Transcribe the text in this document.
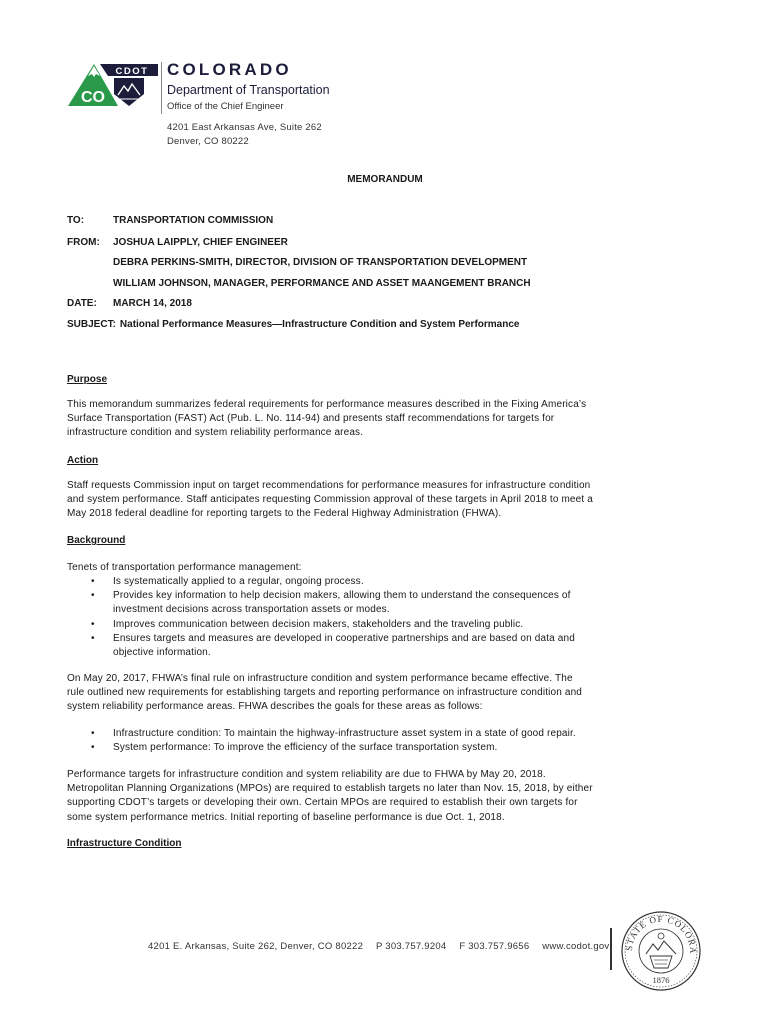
CO
CDOT COLORADO
Department of Transportation
Office of the Chief Engineer
4201 East Arkansas Ave, Suite 262
Denver, CO 80222
MEMORANDUM
TO:	TRANSPORTATION COMMISSION
FROM: JOSHUA LAIPPLY, CHIEF ENGINEER
DEBRA PERKINS-SMITH, DIRECTOR, DIVISION OF TRANSPORTATION DEVELOPMENT
WILLIAM JOHNSON, MANAGER, PERFORMANCE AND ASSET MAANGEMENT BRANCH
DATE: MARCH 14, 2018
SUBJECT: National Performance Measures—Infrastructure Condition and System Performance
Purpose

This memorandum summarizes federal requirements for performance measures described in the Fixing America’s

Surface Transportation (FAST) Act (Pub. L. No. 114-94) and presents staff recommendations for targets for

infrastructure condition and system reliability performance areas.

Action

Staff requests Commission input on target recommendations for performance measures for infrastructure condition

and system performance. Staff anticipates requesting Commission approval of these targets in April 2018 to meet a

May 2018 federal deadline for reporting targets to the Federal Highway Administration (FHWA).

Background
Tenets of transportation performance management:
• Is systematically applied to a regular, ongoing process.
• Provides key information to help decision makers, allowing them to understand the consequences of
investment decisions across transportation assets or modes.
• Improves communication between decision makers, stakeholders and the traveling public.
• Ensures targets and measures are developed in cooperative partnerships and are based on data and
objective information.

On May 20, 2017, FHWA’s final rule on infrastructure condition and system performance became effective. The

rule outlined new requirements for establishing targets and reporting performance on infrastructure condition and

system reliability performance areas. FHWA describes the goals for these areas as follows:

• Infrastructure condition: To maintain the highway-infrastructure asset system in a state of good repair.
• System performance: To improve the efficiency of the surface transportation system.

Performance targets for infrastructure condition and system reliability are due to FHWA by May 20, 2018.

Metropolitan Planning Organizations (MPOs) are required to establish targets no later than Nov. 15, 2018, by either

supporting CDOT’s targets or developing their own. Certain MPOs are required to establish their own targets for

some system performance metrics. Initial reporting of baseline performance is due Oct. 1, 2018.

Infrastructure Condition
4201 E. Arkansas, Suite 262, Denver, CO 80222 P 303.757.9204 F 303.757.9656 www.codot.gov	STATE OF COLORA
1876
